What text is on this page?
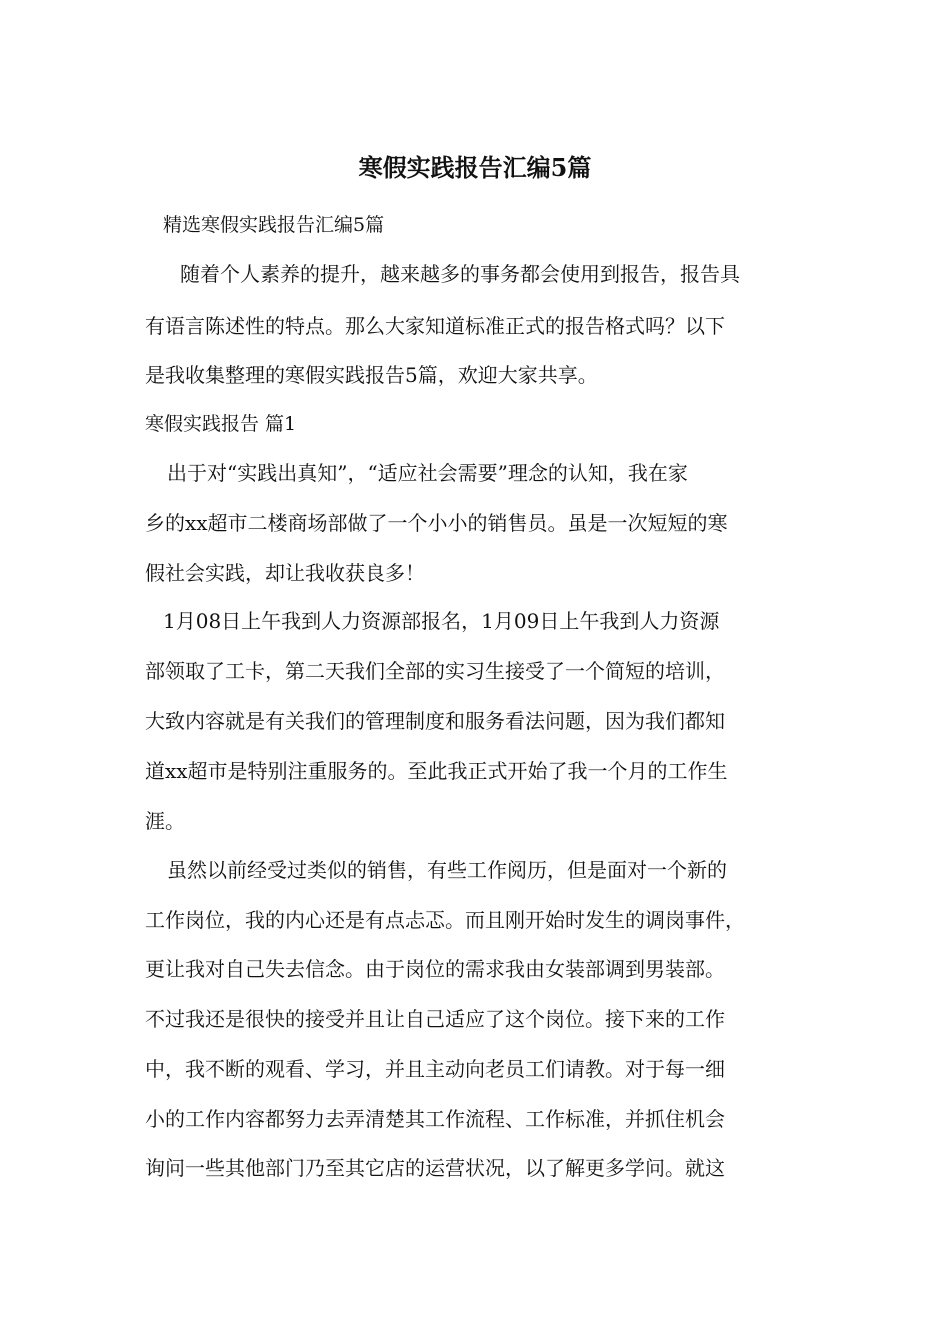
寒假实践报告汇编5篇
精选寒假实践报告汇编5篇
随着个人素养的提升，越来越多的事务都会使用到报告，报告具
有语言陈述性的特点。那么大家知道标准正式的报告格式吗？以下
是我收集整理的寒假实践报告5篇，欢迎大家共享。
寒假实践报告 篇1
出于对“实践出真知”，“适应社会需要”理念的认知，我在家
乡的xx超市二楼商场部做了一个小小的销售员。虽是一次短短的寒
假社会实践，却让我收获良多！
1月08日上午我到人力资源部报名，1月09日上午我到人力资源
部领取了工卡，第二天我们全部的实习生接受了一个简短的培训，
大致内容就是有关我们的管理制度和服务看法问题，因为我们都知
道xx超市是特别注重服务的。至此我正式开始了我一个月的工作生
涯。
虽然以前经受过类似的销售，有些工作阅历，但是面对一个新的
工作岗位，我的内心还是有点忐忑。而且刚开始时发生的调岗事件，
更让我对自己失去信念。由于岗位的需求我由女装部调到男装部。
不过我还是很快的接受并且让自己适应了这个岗位。接下来的工作
中，我不断的观看、学习，并且主动向老员工们请教。对于每一细
小的工作内容都努力去弄清楚其工作流程、工作标准，并抓住机会
询问一些其他部门乃至其它店的运营状况，以了解更多学问。就这
